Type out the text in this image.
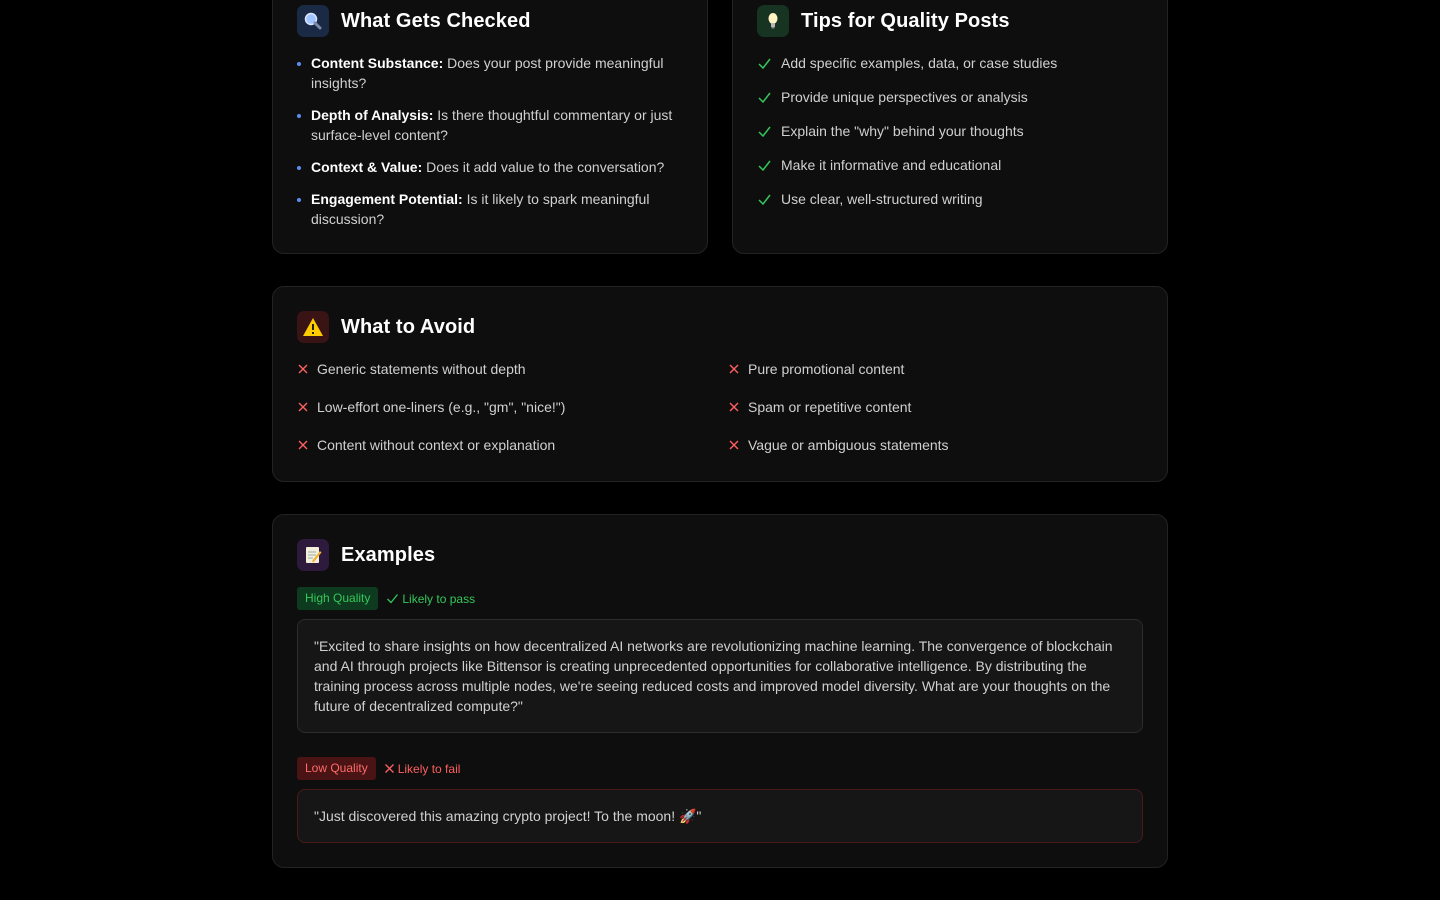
What Gets Checked
Content Substance: Does your post provide meaningful insights?
Depth of Analysis: Is there thoughtful commentary or just surface-level content?
Context & Value: Does it add value to the conversation?
Engagement Potential: Is it likely to spark meaningful discussion?
Tips for Quality Posts
Add specific examples, data, or case studies
Provide unique perspectives or analysis
Explain the "why" behind your thoughts
Make it informative and educational
Use clear, well-structured writing
What to Avoid
Generic statements without depth
Low-effort one-liners (e.g., "gm", "nice!")
Content without context or explanation
Pure promotional content
Spam or repetitive content
Vague or ambiguous statements
Examples
High Quality	Likely to pass
"Excited to share insights on how decentralized AI networks are revolutionizing machine learning. The convergence of blockchain and AI through projects like Bittensor is creating unprecedented opportunities for collaborative intelligence. By distributing the training process across multiple nodes, we're seeing reduced costs and improved model diversity. What are your thoughts on the future of decentralized compute?"
Low Quality	Likely to fail
"Just discovered this amazing crypto project! To the moon! 🚀"
